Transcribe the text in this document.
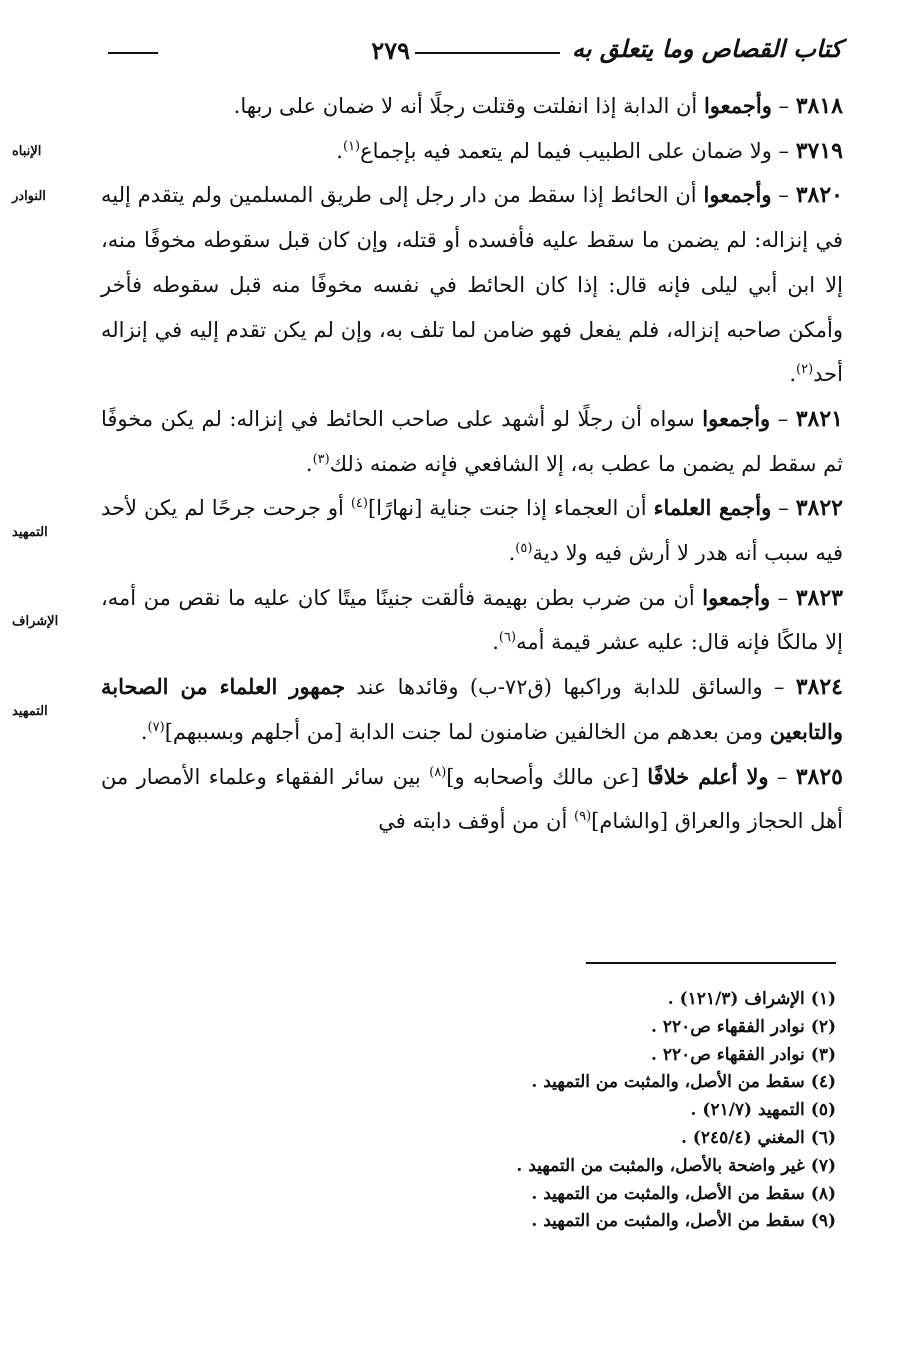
كتاب القصاص وما يتعلق به
٢٧٩
الإنباه
النوادر
التمهيد
الإشراف
التمهيد

٣٨١٨ – وأجمعوا أن الدابة إذا انفلتت وقتلت رجلًا أنه لا ضمان على ربها.

٣٧١٩ – ولا ضمان على الطبيب فيما لم يتعمد فيه بإجماع$^{(١)}$.

٣٨٢٠ – وأجمعوا أن الحائط إذا سقط من دار رجل إلى طريق المسلمين ولم يتقدم إليه في إنزاله: لم يضمن ما سقط عليه فأفسده أو قتله، وإن كان قبل سقوطه مخوفًا منه، إلا ابن أبي ليلى فإنه قال: إذا كان الحائط في نفسه مخوفًا منه قبل سقوطه فأخر وأمكن صاحبه إنزاله، فلم يفعل فهو ضامن لما تلف به، وإن لم يكن تقدم إليه في إنزاله أحد$^{(٢)}$.

٣٨٢١ – وأجمعوا سواه أن رجلًا لو أشهد على صاحب الحائط في إنزاله: لم يكن مخوفًا ثم سقط لم يضمن ما عطب به، إلا الشافعي فإنه ضمنه ذلك$^{(٣)}$.

٣٨٢٢ – وأجمع العلماء أن العجماء إذا جنت جناية [نهارًا]$^{(٤)}$ أو جرحت جرحًا لم يكن لأحد فيه سبب أنه هدر لا أرش فيه ولا دية$^{(٥)}$.

٣٨٢٣ – وأجمعوا أن من ضرب بطن بهيمة فألقت جنينًا ميتًا كان عليه ما نقص من أمه، إلا مالكًا فإنه قال: عليه عشر قيمة أمه$^{(٦)}$.

٣٨٢٤ – والسائق للدابة وراكبها (ق٧٢-ب) وقائدها عند جمهور العلماء من الصحابة والتابعين ومن بعدهم من الخالفين ضامنون لما جنت الدابة [من أجلهم وبسببهم]$^{(٧)}$.

٣٨٢٥ – ولا أعلم خلافًا [عن مالك وأصحابه و]$^{(٨)}$ بين سائر الفقهاء وعلماء الأمصار من أهل الحجاز والعراق [والشام]$^{(٩)}$ أن من أوقف دابته في

(١)الإشراف (١٢١/٣) .
(٢)نوادر الفقهاء ص٢٢٠ .
(٣)نوادر الفقهاء ص٢٢٠ .
(٤)سقط من الأصل، والمثبت من التمهيد .
(٥)التمهيد (٢١/٧) .
(٦)المغني (٢٤٥/٤) .
(٧)غير واضحة بالأصل، والمثبت من التمهيد .
(٨)سقط من الأصل، والمثبت من التمهيد .
(٩)سقط من الأصل، والمثبت من التمهيد .
